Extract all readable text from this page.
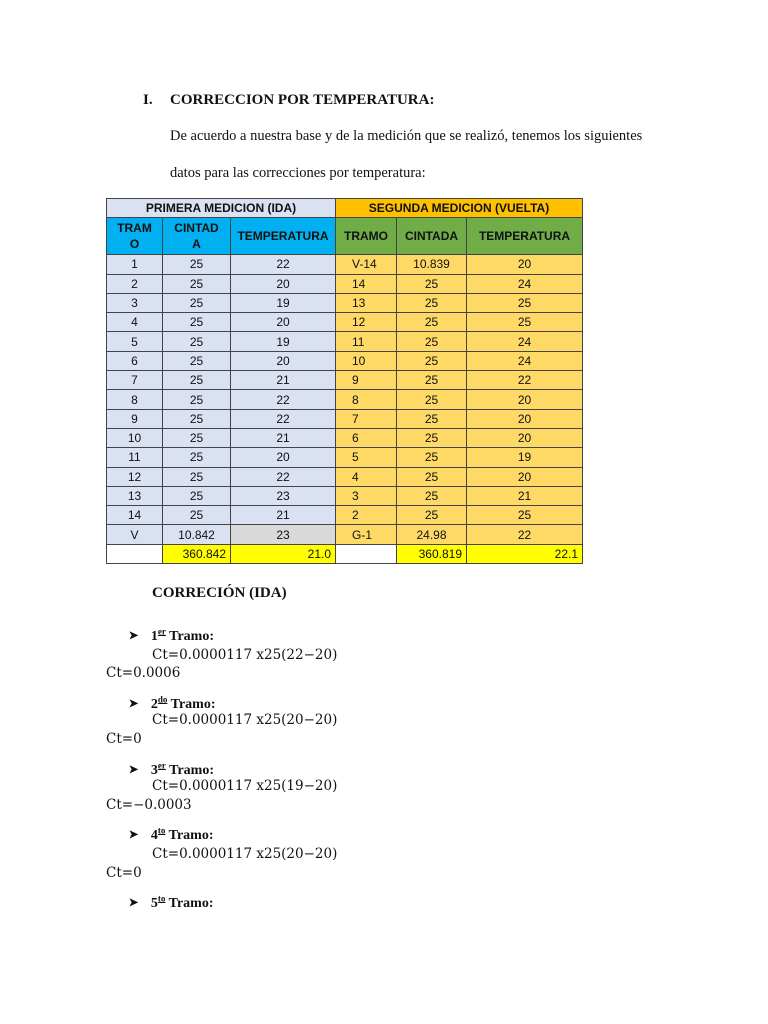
I. CORRECCION POR TEMPERATURA:
De acuerdo a nuestra base y de la medición que se realizó, tenemos los siguientes
datos para las correcciones por temperatura:
PRIMERA MEDICION (IDA)			SEGUNDA MEDICION (VUELTA)		
TRAM
O	CINTAD
A	TEMPERATURA	TRAMO	CINTADA	TEMPERATURA
1	25	22	V-14	10.839	20
2	25	20	14	25	24
3	25	19	13	25	25
4	25	20	12	25	25
5	25	19	11	25	24
6	25	20	10	25	24
7	25	21	9	25	22
8	25	22	8	25	20
9	25	22	7	25	20
10	25	21	6	25	20
11	25	20	5	25	19
12	25	22	4	25	20
13	25	23	3	25	21
14	25	21	2	25	25
V	10.842	23	G-1	24.98	22
	360.842	21.0		360.819	22.1
CORRECIÓN (IDA)
➤ 1er Tramo:
Ct=0.0000117 x25(22−20)
Ct=0.0006
➤ $2^{do}$ Tramo:
Ct=0.0000117 x25(20−20)
Ct=0
➤ 3er Tramo:
Ct=0.0000117 x25(19−20)
Ct=−0.0003
➤ $4^{to}$ Tramo:
Ct=0.0000117 x25(20−20)
Ct=0
➤ $5^{to}$ Tramo:
